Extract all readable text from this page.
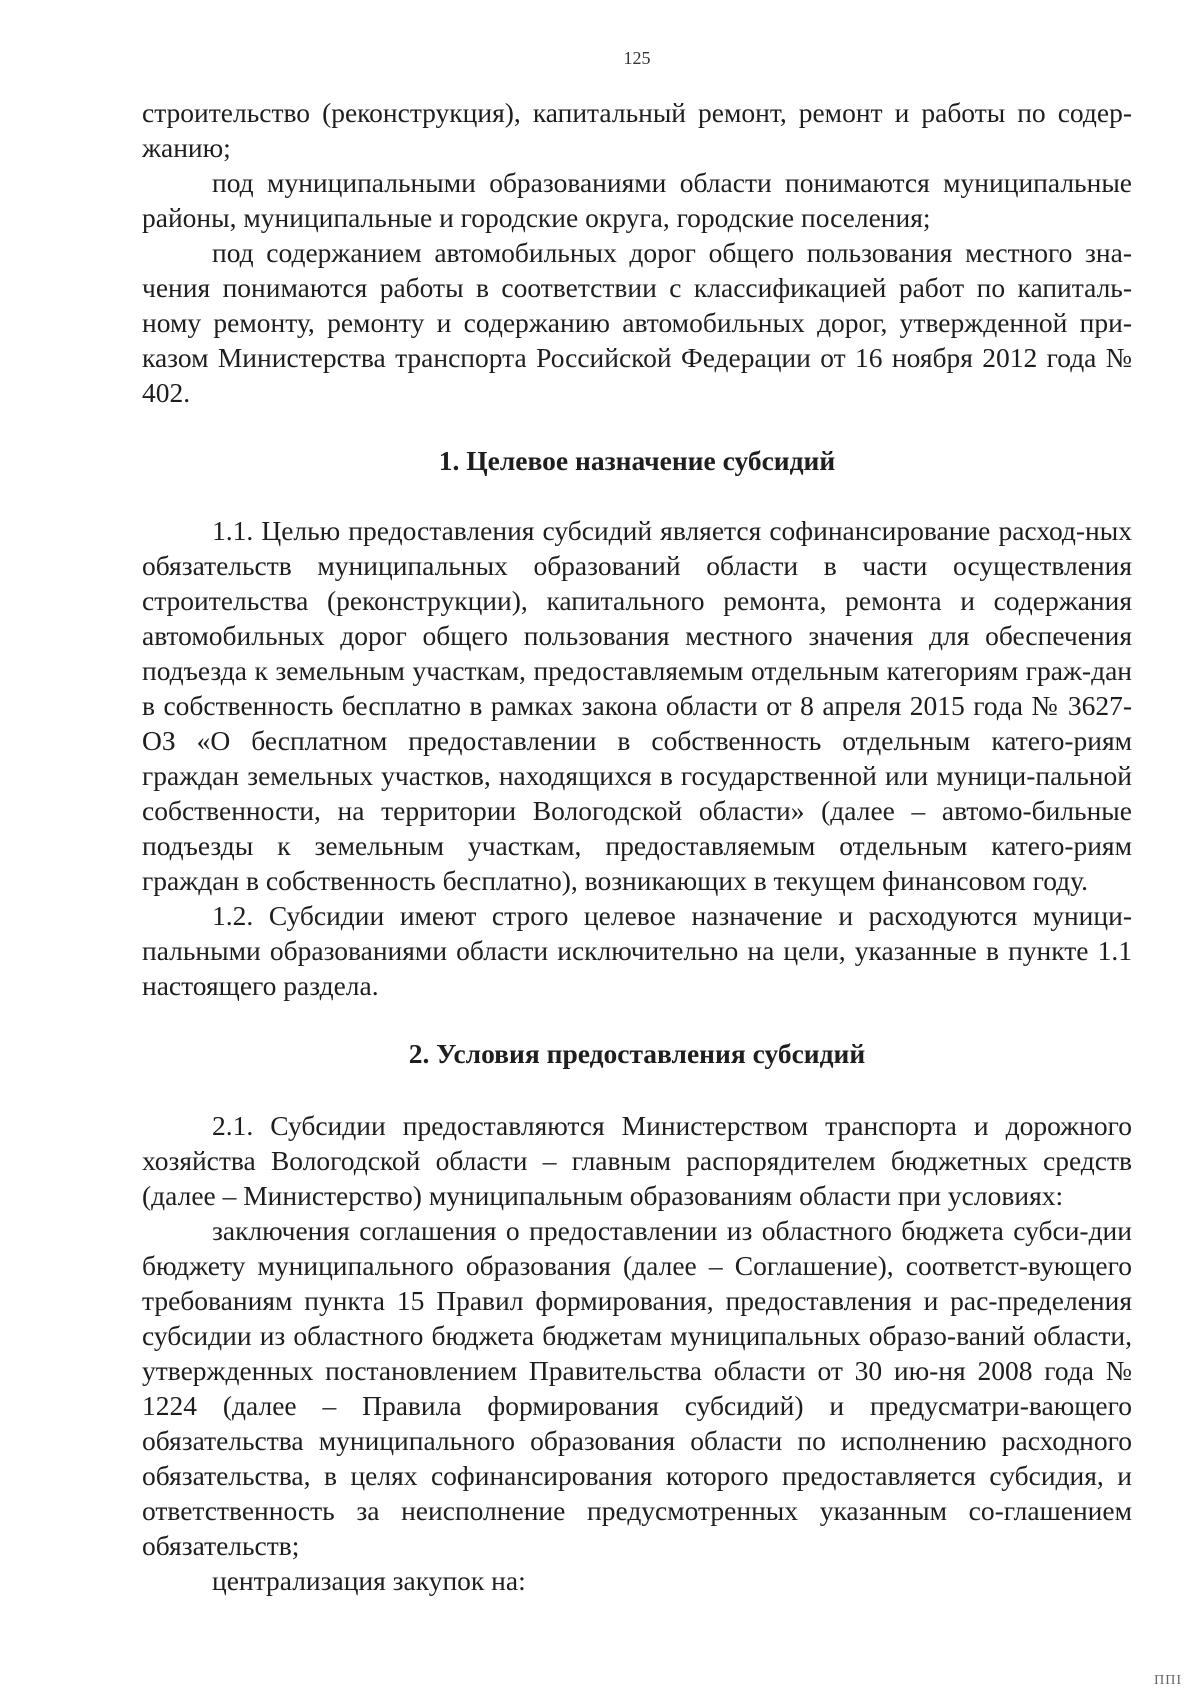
125

строительство (реконструкция), капитальный ремонт, ремонт и работы по содер-жанию;

под муниципальными образованиями области понимаются муниципальные районы, муниципальные и городские округа, городские поселения;

под содержанием автомобильных дорог общего пользования местного зна-чения понимаются работы в соответствии с классификацией работ по капиталь-ному ремонту, ремонту и содержанию автомобильных дорог, утвержденной при-казом Министерства транспорта Российской Федерации от 16 ноября 2012 года № 402.

1. Целевое назначение субсидий

1.1. Целью предоставления субсидий является софинансирование расход-ных обязательств муниципальных образований области в части осуществления строительства (реконструкции), капитального ремонта, ремонта и содержания автомобильных дорог общего пользования местного значения для обеспечения подъезда к земельным участкам, предоставляемым отдельным категориям граж-дан в собственность бесплатно в рамках закона области от 8 апреля 2015 года № 3627-ОЗ «О бесплатном предоставлении в собственность отдельным катего-риям граждан земельных участков, находящихся в государственной или муници-пальной собственности, на территории Вологодской области» (далее – автомо-бильные подъезды к земельным участкам, предоставляемым отдельным катего-риям граждан в собственность бесплатно), возникающих в текущем финансовом году.

1.2. Субсидии имеют строго целевое назначение и расходуются муници-пальными образованиями области исключительно на цели, указанные в пункте 1.1 настоящего раздела.

2. Условия предоставления субсидий

2.1. Субсидии предоставляются Министерством транспорта и дорожного хозяйства Вологодской области – главным распорядителем бюджетных средств (далее – Министерство) муниципальным образованиям области при условиях:

заключения соглашения о предоставлении из областного бюджета субси-дии бюджету муниципального образования (далее – Соглашение), соответст-вующего требованиям пункта 15 Правил формирования, предоставления и рас-пределения субсидии из областного бюджета бюджетам муниципальных образо-ваний области, утвержденных постановлением Правительства области от 30 ию-ня 2008 года № 1224 (далее – Правила формирования субсидий) и предусматри-вающего обязательства муниципального образования области по исполнению расходного обязательства, в целях софинансирования которого предоставляется субсидия, и ответственность за неисполнение предусмотренных указанным со-глашением обязательств;

централизация закупок на:

ППІ
